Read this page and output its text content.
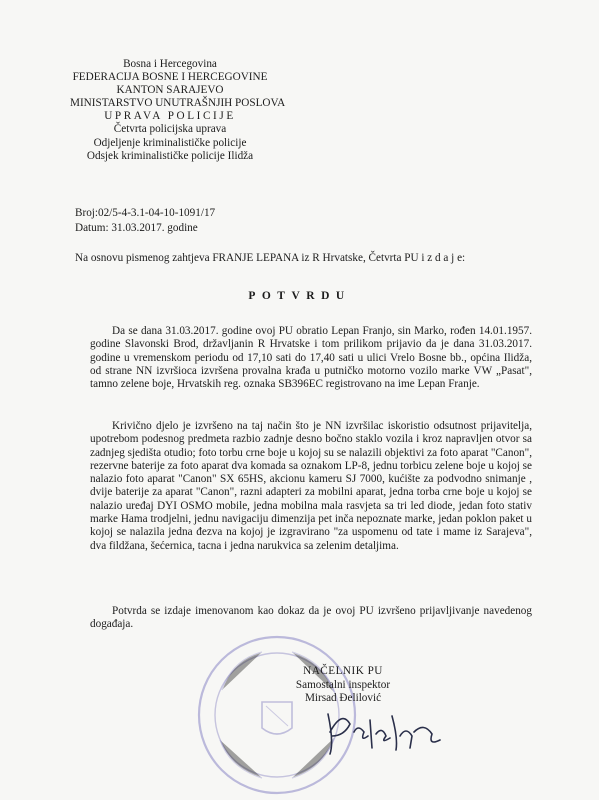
Bosna i Hercegovina
FEDERACIJA BOSNE I HERCEGOVINE
KANTON SARAJEVO
MINISTARSTVO UNUTRAŠNJIH POSLOVA
UPRAVA POLICIJE
Četvrta policijska uprava
Odjeljenje kriminalističke policije
Odsjek kriminalističke policije Ilidža
Broj:02/5-4-3.1-04-10-1091/17
Datum: 31.03.2017. godine
Na osnovu pismenog zahtjeva FRANJE LEPANA iz R Hrvatske, Četvrta PU i z d a j e:
POTVRDU
Da se dana 31.03.2017. godine ovoj PU obratio Lepan Franjo, sin Marko, rođen 14.01.1957. godine Slavonski Brod, državljanin R Hrvatske i tom prilikom prijavio da je dana 31.03.2017. godine u vremenskom periodu od 17,10 sati do 17,40 sati u ulici Vrelo Bosne bb., općina Ilidža, od strane NN izvršioca izvršena provalna krađa u putničko motorno vozilo marke VW „Pasat", tamno zelene boje, Hrvatskih reg. oznaka SB396EC registrovano na ime Lepan Franje.
Krivično djelo je izvršeno na taj način što je NN izvršilac iskoristio odsutnost prijavitelja, upotrebom podesnog predmeta razbio zadnje desno bočno staklo vozila i kroz napravljen otvor sa zadnjeg sjedišta otudio; foto torbu crne boje u kojoj su se nalazili objektivi za foto aparat "Canon", rezervne baterije za foto aparat dva komada sa oznakom LP-8, jednu torbicu zelene boje u kojoj se nalazio foto aparat "Canon" SX 65HS, akcionu kameru SJ 7000, kućište za podvodno snimanje , dvije baterije za aparat "Canon", razni adapteri za mobilni aparat, jedna torba crne boje u kojoj se nalazio uređaj DYI OSMO mobile, jedna mobilna mala rasvjeta sa tri led diode, jedan foto stativ marke Hama trodjelni, jednu navigaciju dimenzija pet inča nepoznate marke, jedan poklon paket u kojoj se nalazila jedna đezva na kojoj je izgravirano "za uspomenu od tate i mame iz Sarajeva", dva fildžana, šećernica, tacna i jedna narukvica sa zelenim detaljima.
Potvrda se izdaje imenovanom kao dokaz da je ovoj PU izvršeno prijavljivanje navedenog događaja.
NAČELNIK PU
Samostalni inspektor
Mirsad Đelilović
